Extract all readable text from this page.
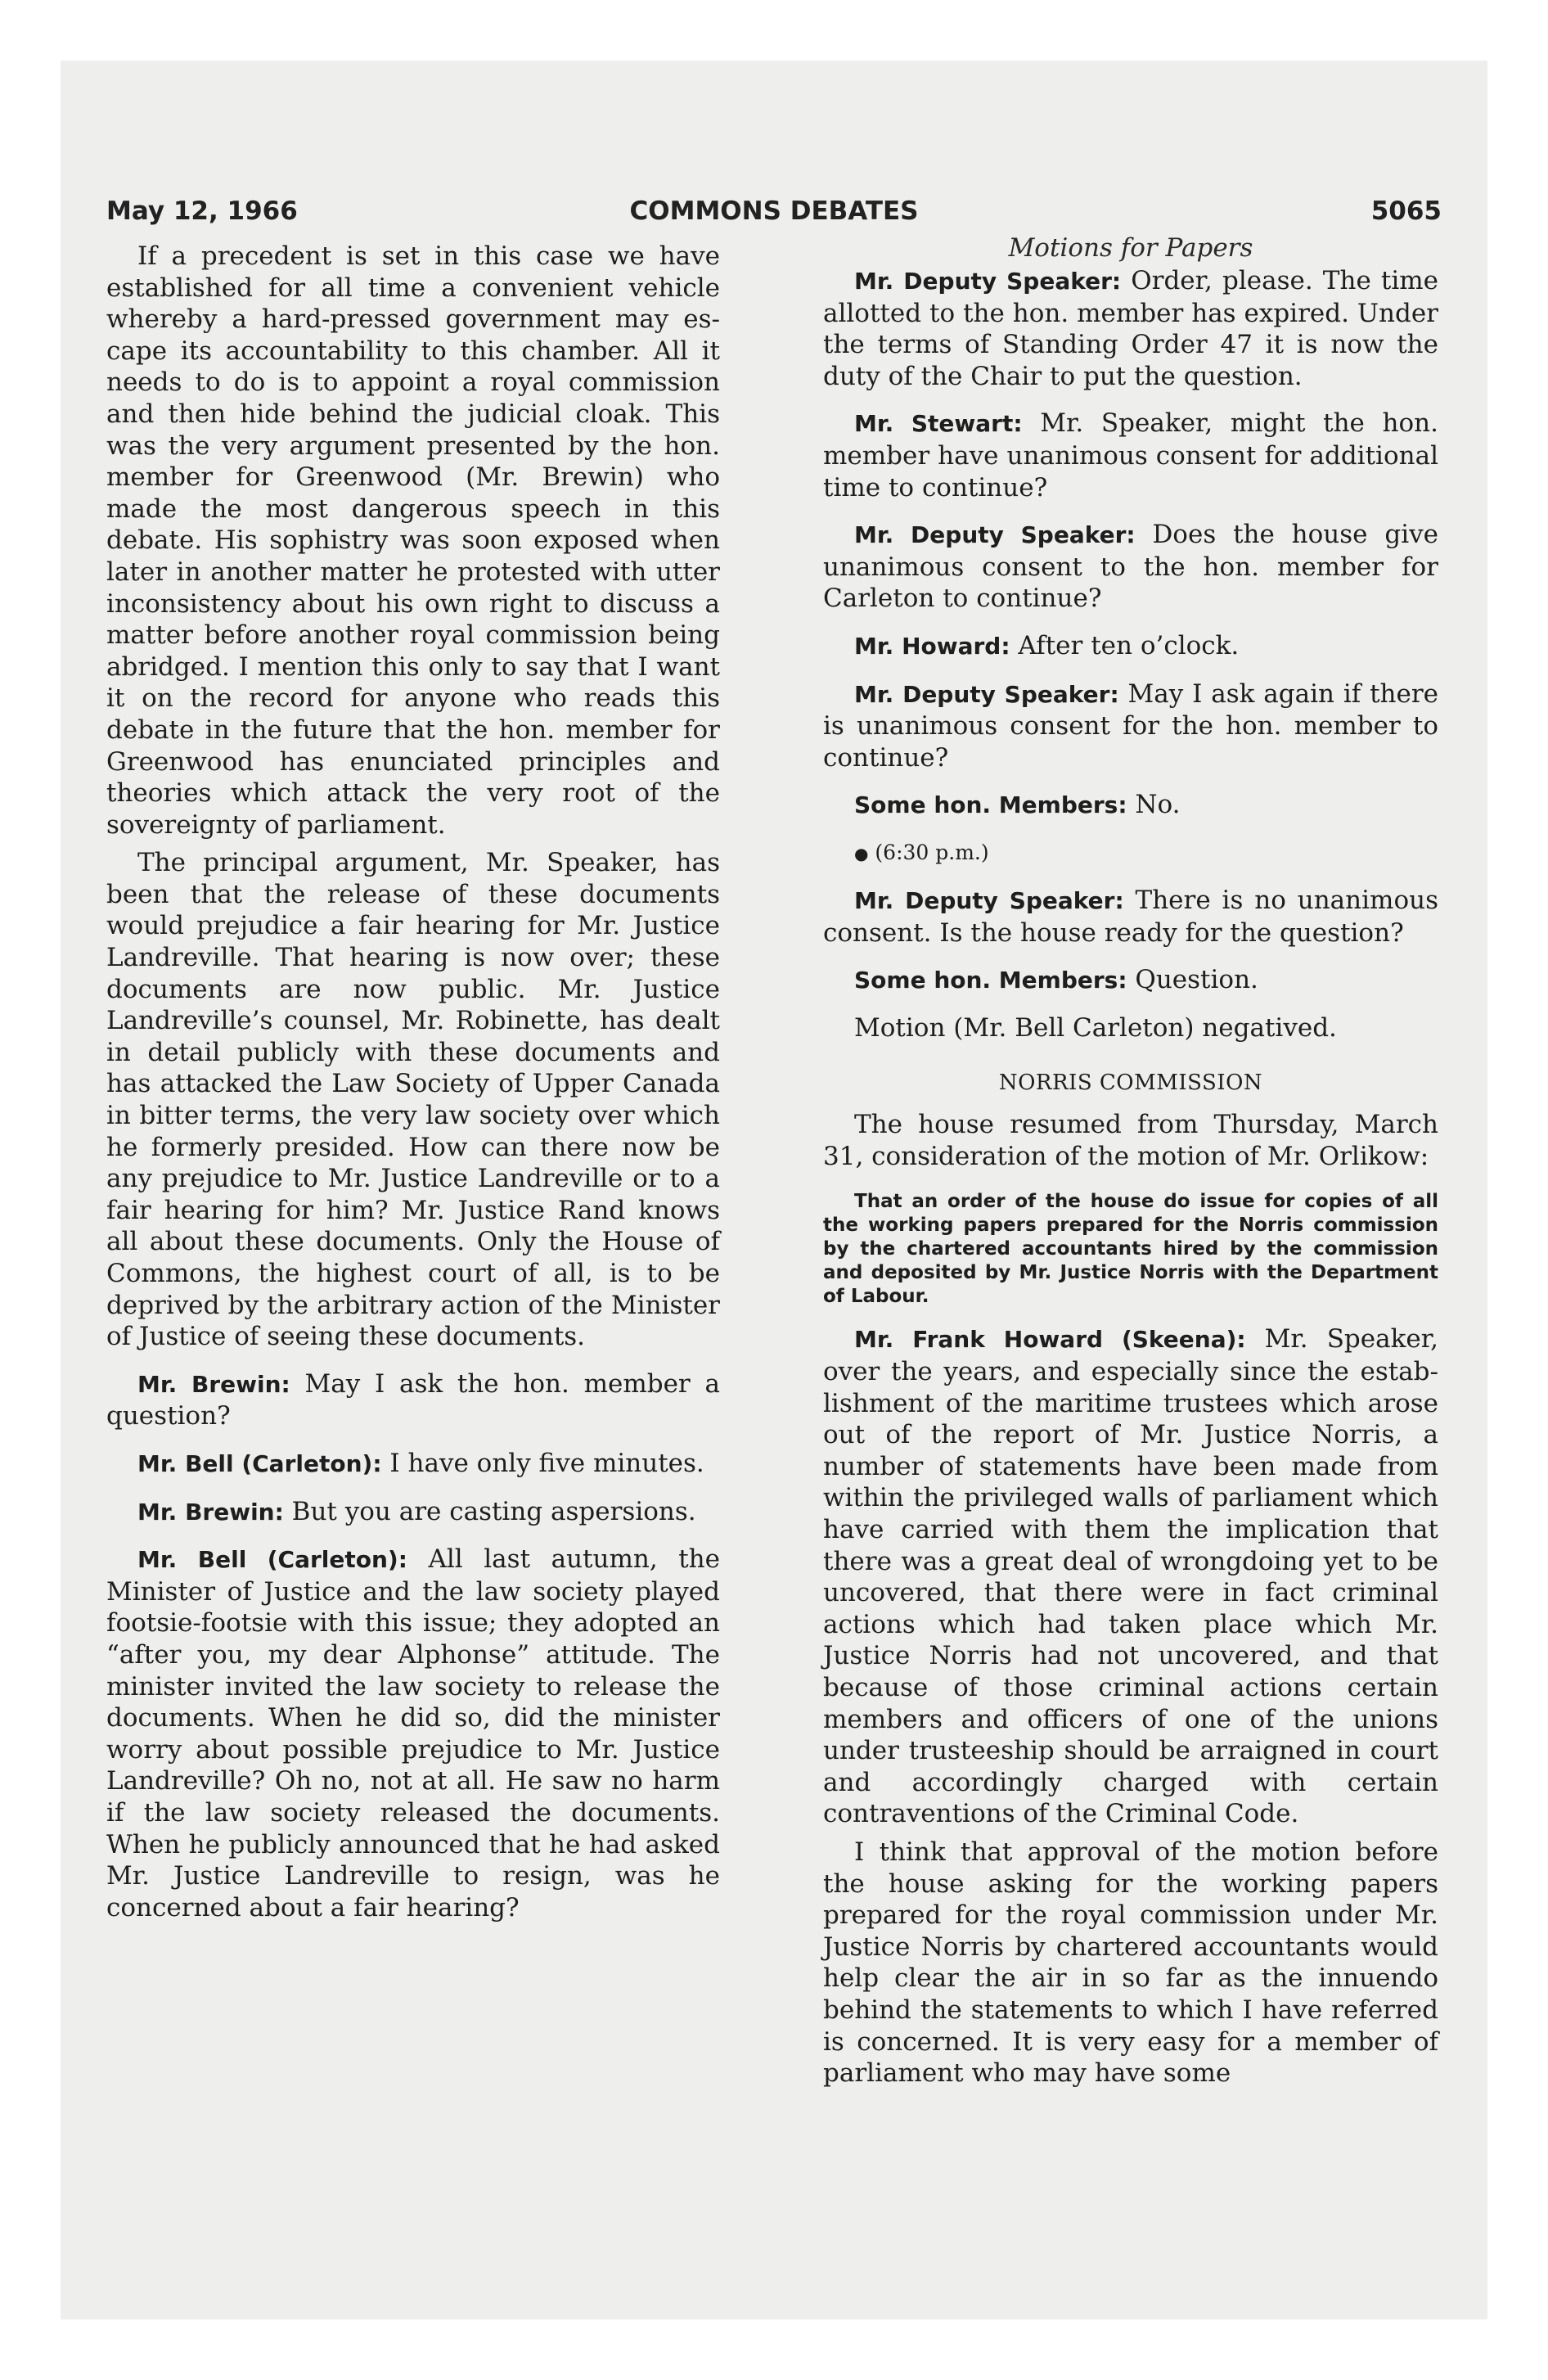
May 12, 1966	COMMONS DEBATES	5065

If a precedent is set in this case we have established for all time a convenient vehicle whereby a hard-pressed government may escape its accountability to this chamber. All it needs to do is to appoint a royal commission and then hide behind the judicial cloak. This was the very argument presented by the hon. member for Greenwood (Mr. Brewin) who made the most dangerous speech in this debate. His sophistry was soon exposed when later in another matter he protested with utter inconsistency about his own right to discuss a matter before another royal commission being abridged. I mention this only to say that I want it on the record for anyone who reads this debate in the future that the hon. member for Greenwood has enunciated principles and theories which attack the very root of the sovereignty of parliament.

The principal argument, Mr. Speaker, has been that the release of these documents would prejudice a fair hearing for Mr. Justice Landreville. That hearing is now over; these documents are now public. Mr. Justice Landreville’s counsel, Mr. Robinette, has dealt in detail publicly with these documents and has attacked the Law Society of Upper Canada in bitter terms, the very law society over which he formerly presided. How can there now be any prejudice to Mr. Justice Landreville or to a fair hearing for him? Mr. Justice Rand knows all about these documents. Only the House of Commons, the highest court of all, is to be deprived by the arbitrary action of the Minister of Justice of seeing these documents.

Mr. Brewin: May I ask the hon. member a question?

Mr. Bell (Carleton): I have only five minutes.

Mr. Brewin: But you are casting aspersions.

Mr. Bell (Carleton): All last autumn, the Minister of Justice and the law society played footsie-footsie with this issue; they adopted an “after you, my dear Alphonse” attitude. The minister invited the law society to release the documents. When he did so, did the minister worry about possible prejudice to Mr. Justice Landreville? Oh no, not at all. He saw no harm if the law society released the documents. When he publicly announced that he had asked Mr. Justice Landreville to resign, was he concerned about a fair hearing?

Motions for Papers

Mr. Deputy Speaker: Order, please. The time allotted to the hon. member has expired. Under the terms of Standing Order 47 it is now the duty of the Chair to put the question.

Mr. Stewart: Mr. Speaker, might the hon. member have unanimous consent for additional time to continue?

Mr. Deputy Speaker: Does the house give unanimous consent to the hon. member for Carleton to continue?

Mr. Howard: After ten o’clock.

Mr. Deputy Speaker: May I ask again if there is unanimous consent for the hon. member to continue?

Some hon. Members: No.

● (6:30 p.m.)

Mr. Deputy Speaker: There is no unanimous consent. Is the house ready for the question?

Some hon. Members: Question.

Motion (Mr. Bell Carleton) negatived.

NORRIS COMMISSION

The house resumed from Thursday, March 31, consideration of the motion of Mr. Orlikow:

That an order of the house do issue for copies of all the working papers prepared for the Norris commission by the chartered accountants hired by the commission and deposited by Mr. Justice Norris with the Department of Labour.

Mr. Frank Howard (Skeena): Mr. Speaker, over the years, and especially since the establishment of the maritime trustees which arose out of the report of Mr. Justice Norris, a number of statements have been made from within the privileged walls of parliament which have carried with them the implication that there was a great deal of wrongdoing yet to be uncovered, that there were in fact criminal actions which had taken place which Mr. Justice Norris had not uncovered, and that because of those criminal actions certain members and officers of one of the unions under trusteeship should be arraigned in court and accordingly charged with certain contraventions of the Criminal Code.

I think that approval of the motion before the house asking for the working papers prepared for the royal commission under Mr. Justice Norris by chartered accountants would help clear the air in so far as the innuendo behind the statements to which I have referred is concerned. It is very easy for a member of parliament who may have some
